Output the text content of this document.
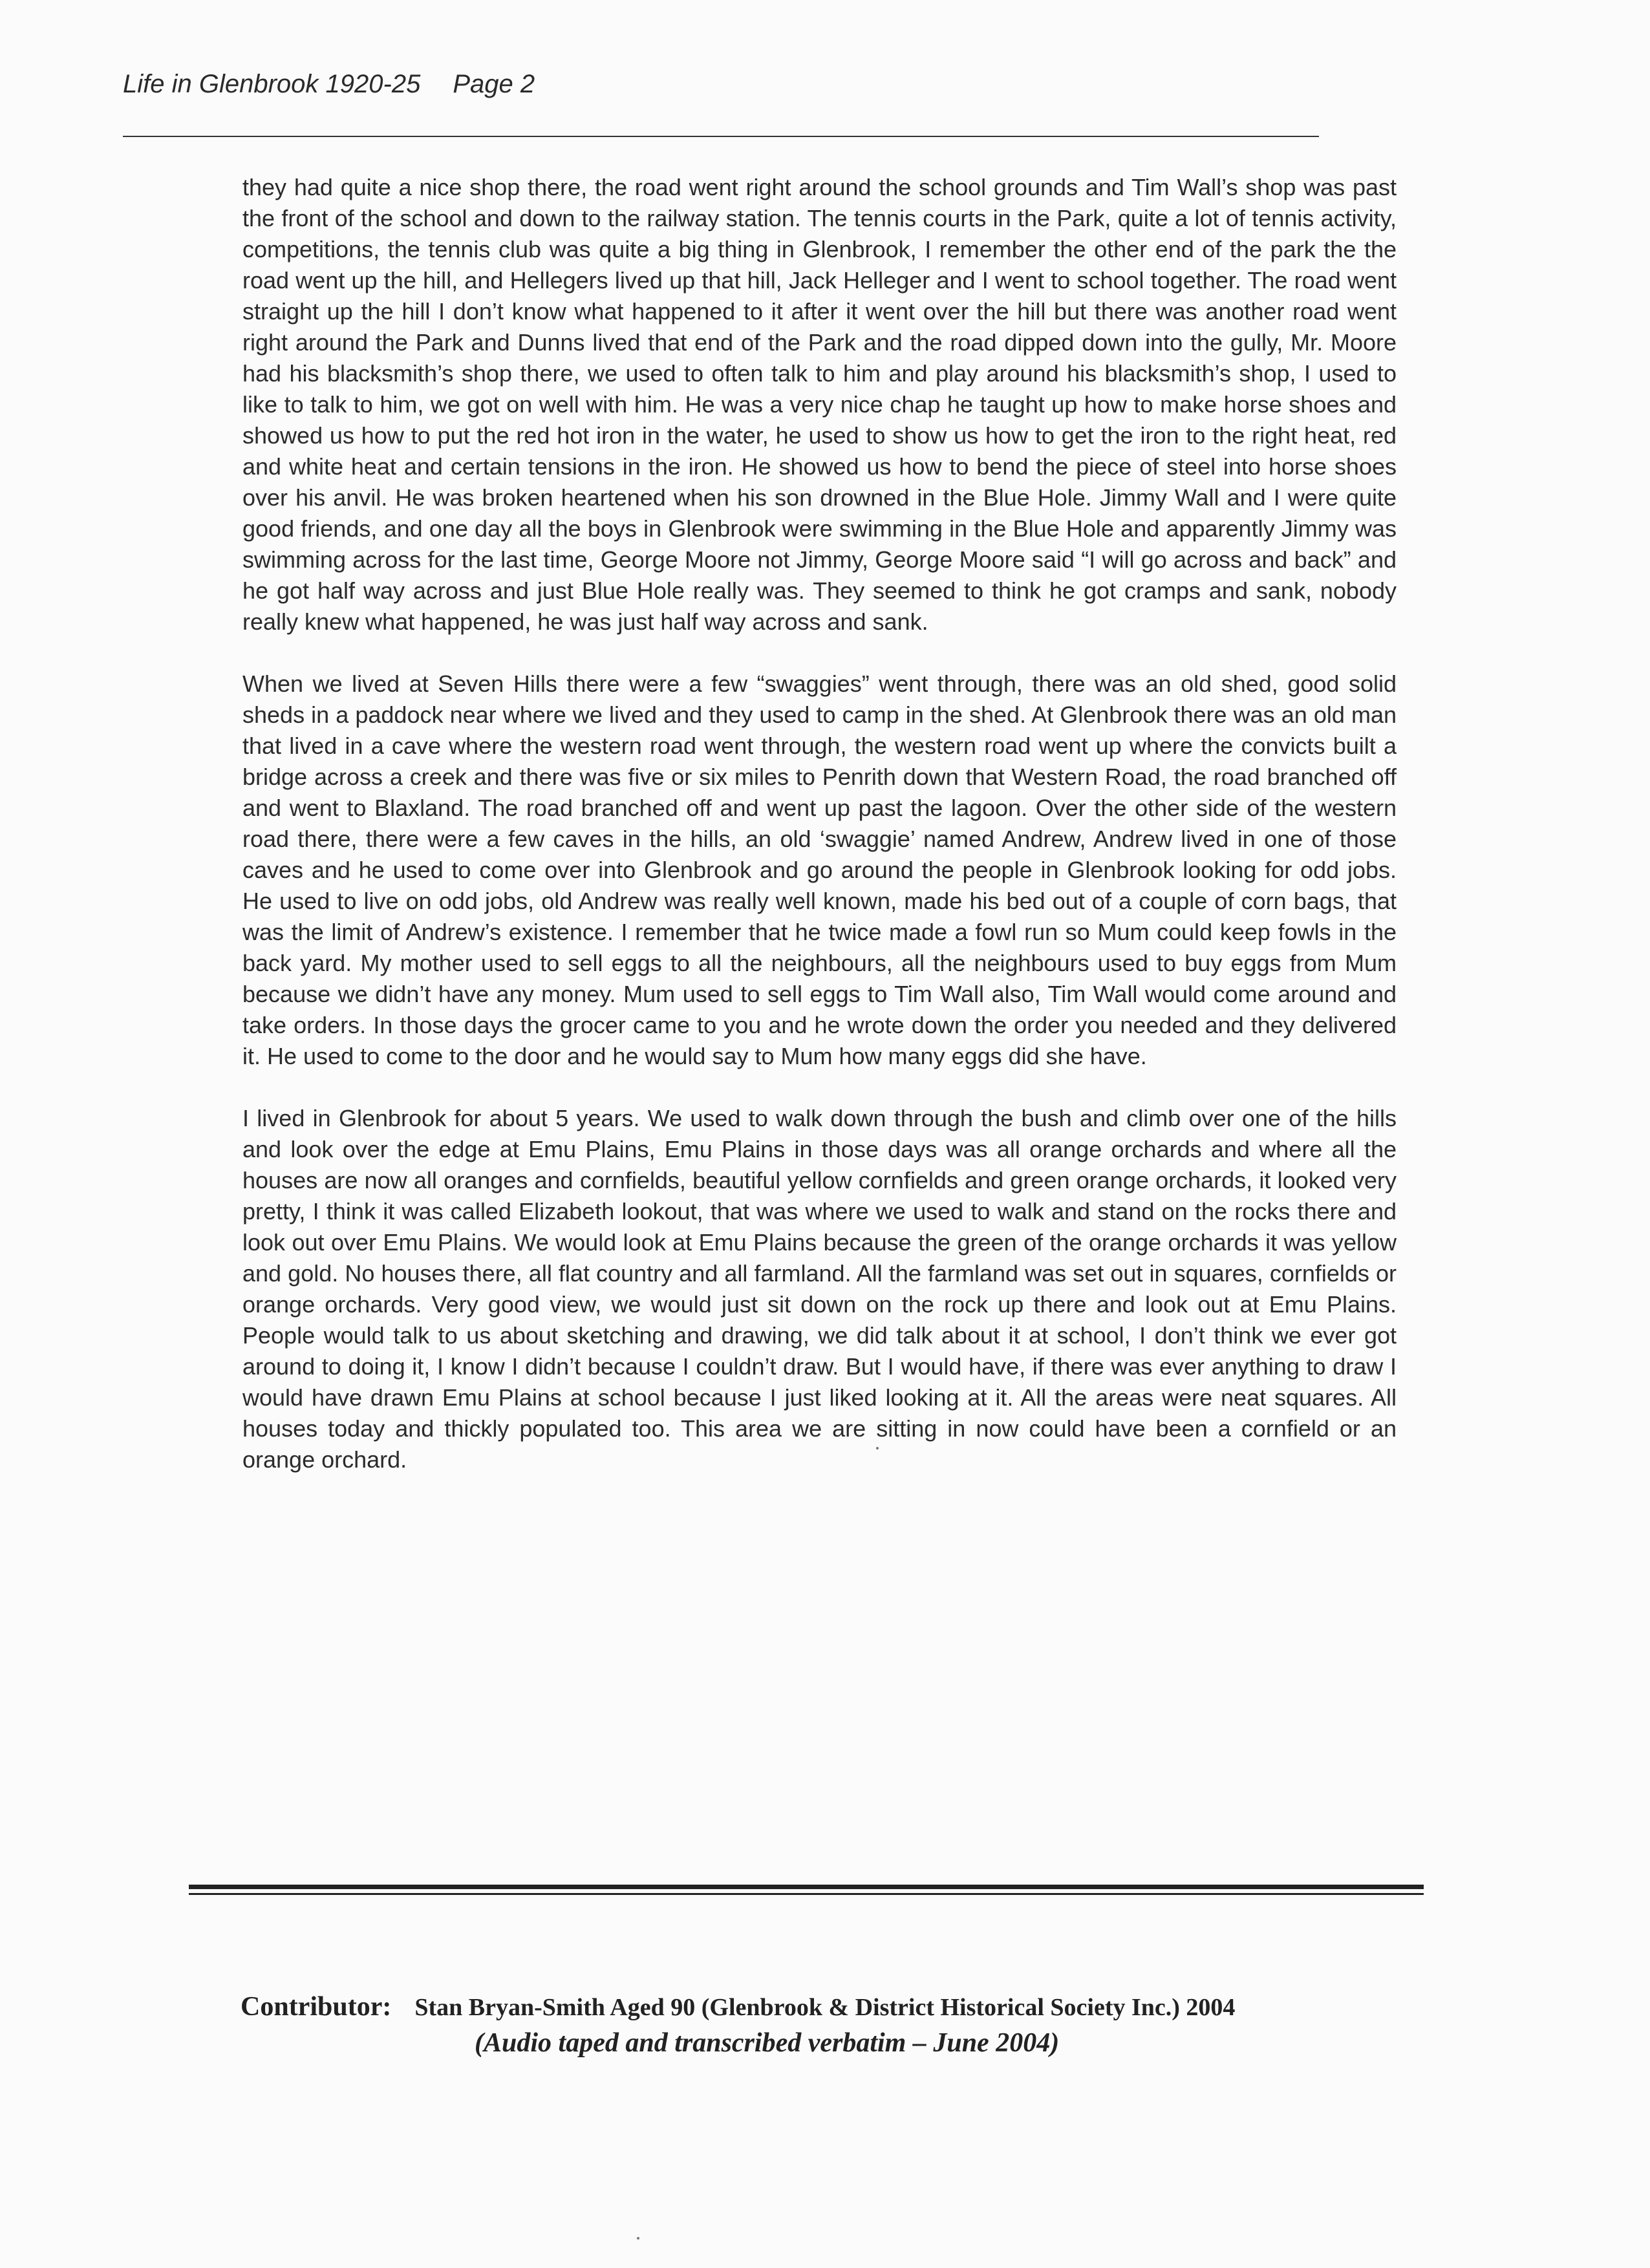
Life in Glenbrook 1920-25 Page 2

they had quite a nice shop there, the road went right around the school grounds and Tim Wall’s shop was past the front of the school and down to the railway station. The tennis courts in the Park, quite a lot of tennis activity, competitions, the tennis club was quite a big thing in Glenbrook, I remember the other end of the park the the road went up the hill, and Hellegers lived up that hill, Jack Helleger and I went to school together. The road went straight up the hill I don’t know what happened to it after it went over the hill but there was another road went right around the Park and Dunns lived that end of the Park and the road dipped down into the gully, Mr. Moore had his blacksmith’s shop there, we used to often talk to him and play around his blacksmith’s shop, I used to like to talk to him, we got on well with him. He was a very nice chap he taught up how to make horse shoes and showed us how to put the red hot iron in the water, he used to show us how to get the iron to the right heat, red and white heat and certain tensions in the iron. He showed us how to bend the piece of steel into horse shoes over his anvil. He was broken heartened when his son drowned in the Blue Hole. Jimmy Wall and I were quite good friends, and one day all the boys in Glenbrook were swimming in the Blue Hole and apparently Jimmy was swimming across for the last time, George Moore not Jimmy, George Moore said “I will go across and back” and he got half way across and just Blue Hole really was. They seemed to think he got cramps and sank, nobody really knew what happened, he was just half way across and sank.

When we lived at Seven Hills there were a few “swaggies” went through, there was an old shed, good solid sheds in a paddock near where we lived and they used to camp in the shed. At Glenbrook there was an old man that lived in a cave where the western road went through, the western road went up where the convicts built a bridge across a creek and there was five or six miles to Penrith down that Western Road, the road branched off and went to Blaxland. The road branched off and went up past the lagoon. Over the other side of the western road there, there were a few caves in the hills, an old ‘swaggie’ named Andrew, Andrew lived in one of those caves and he used to come over into Glenbrook and go around the people in Glenbrook looking for odd jobs. He used to live on odd jobs, old Andrew was really well known, made his bed out of a couple of corn bags, that was the limit of Andrew’s existence. I remember that he twice made a fowl run so Mum could keep fowls in the back yard. My mother used to sell eggs to all the neighbours, all the neighbours used to buy eggs from Mum because we didn’t have any money. Mum used to sell eggs to Tim Wall also, Tim Wall would come around and take orders. In those days the grocer came to you and he wrote down the order you needed and they delivered it. He used to come to the door and he would say to Mum how many eggs did she have.

I lived in Glenbrook for about 5 years. We used to walk down through the bush and climb over one of the hills and look over the edge at Emu Plains, Emu Plains in those days was all orange orchards and where all the houses are now all oranges and cornfields, beautiful yellow cornfields and green orange orchards, it looked very pretty, I think it was called Elizabeth lookout, that was where we used to walk and stand on the rocks there and look out over Emu Plains. We would look at Emu Plains because the green of the orange orchards it was yellow and gold. No houses there, all flat country and all farmland. All the farmland was set out in squares, cornfields or orange orchards. Very good view, we would just sit down on the rock up there and look out at Emu Plains. People would talk to us about sketching and drawing, we did talk about it at school, I don’t think we ever got around to doing it, I know I didn’t because I couldn’t draw. But I would have, if there was ever anything to draw I would have drawn Emu Plains at school because I just liked looking at it. All the areas were neat squares. All houses today and thickly populated too. This area we are sitting in now could have been a cornfield or an orange orchard.

Contributor: Stan Bryan-Smith Aged 90 (Glenbrook & District Historical Society Inc.) 2004
(Audio taped and transcribed verbatim – June 2004)
